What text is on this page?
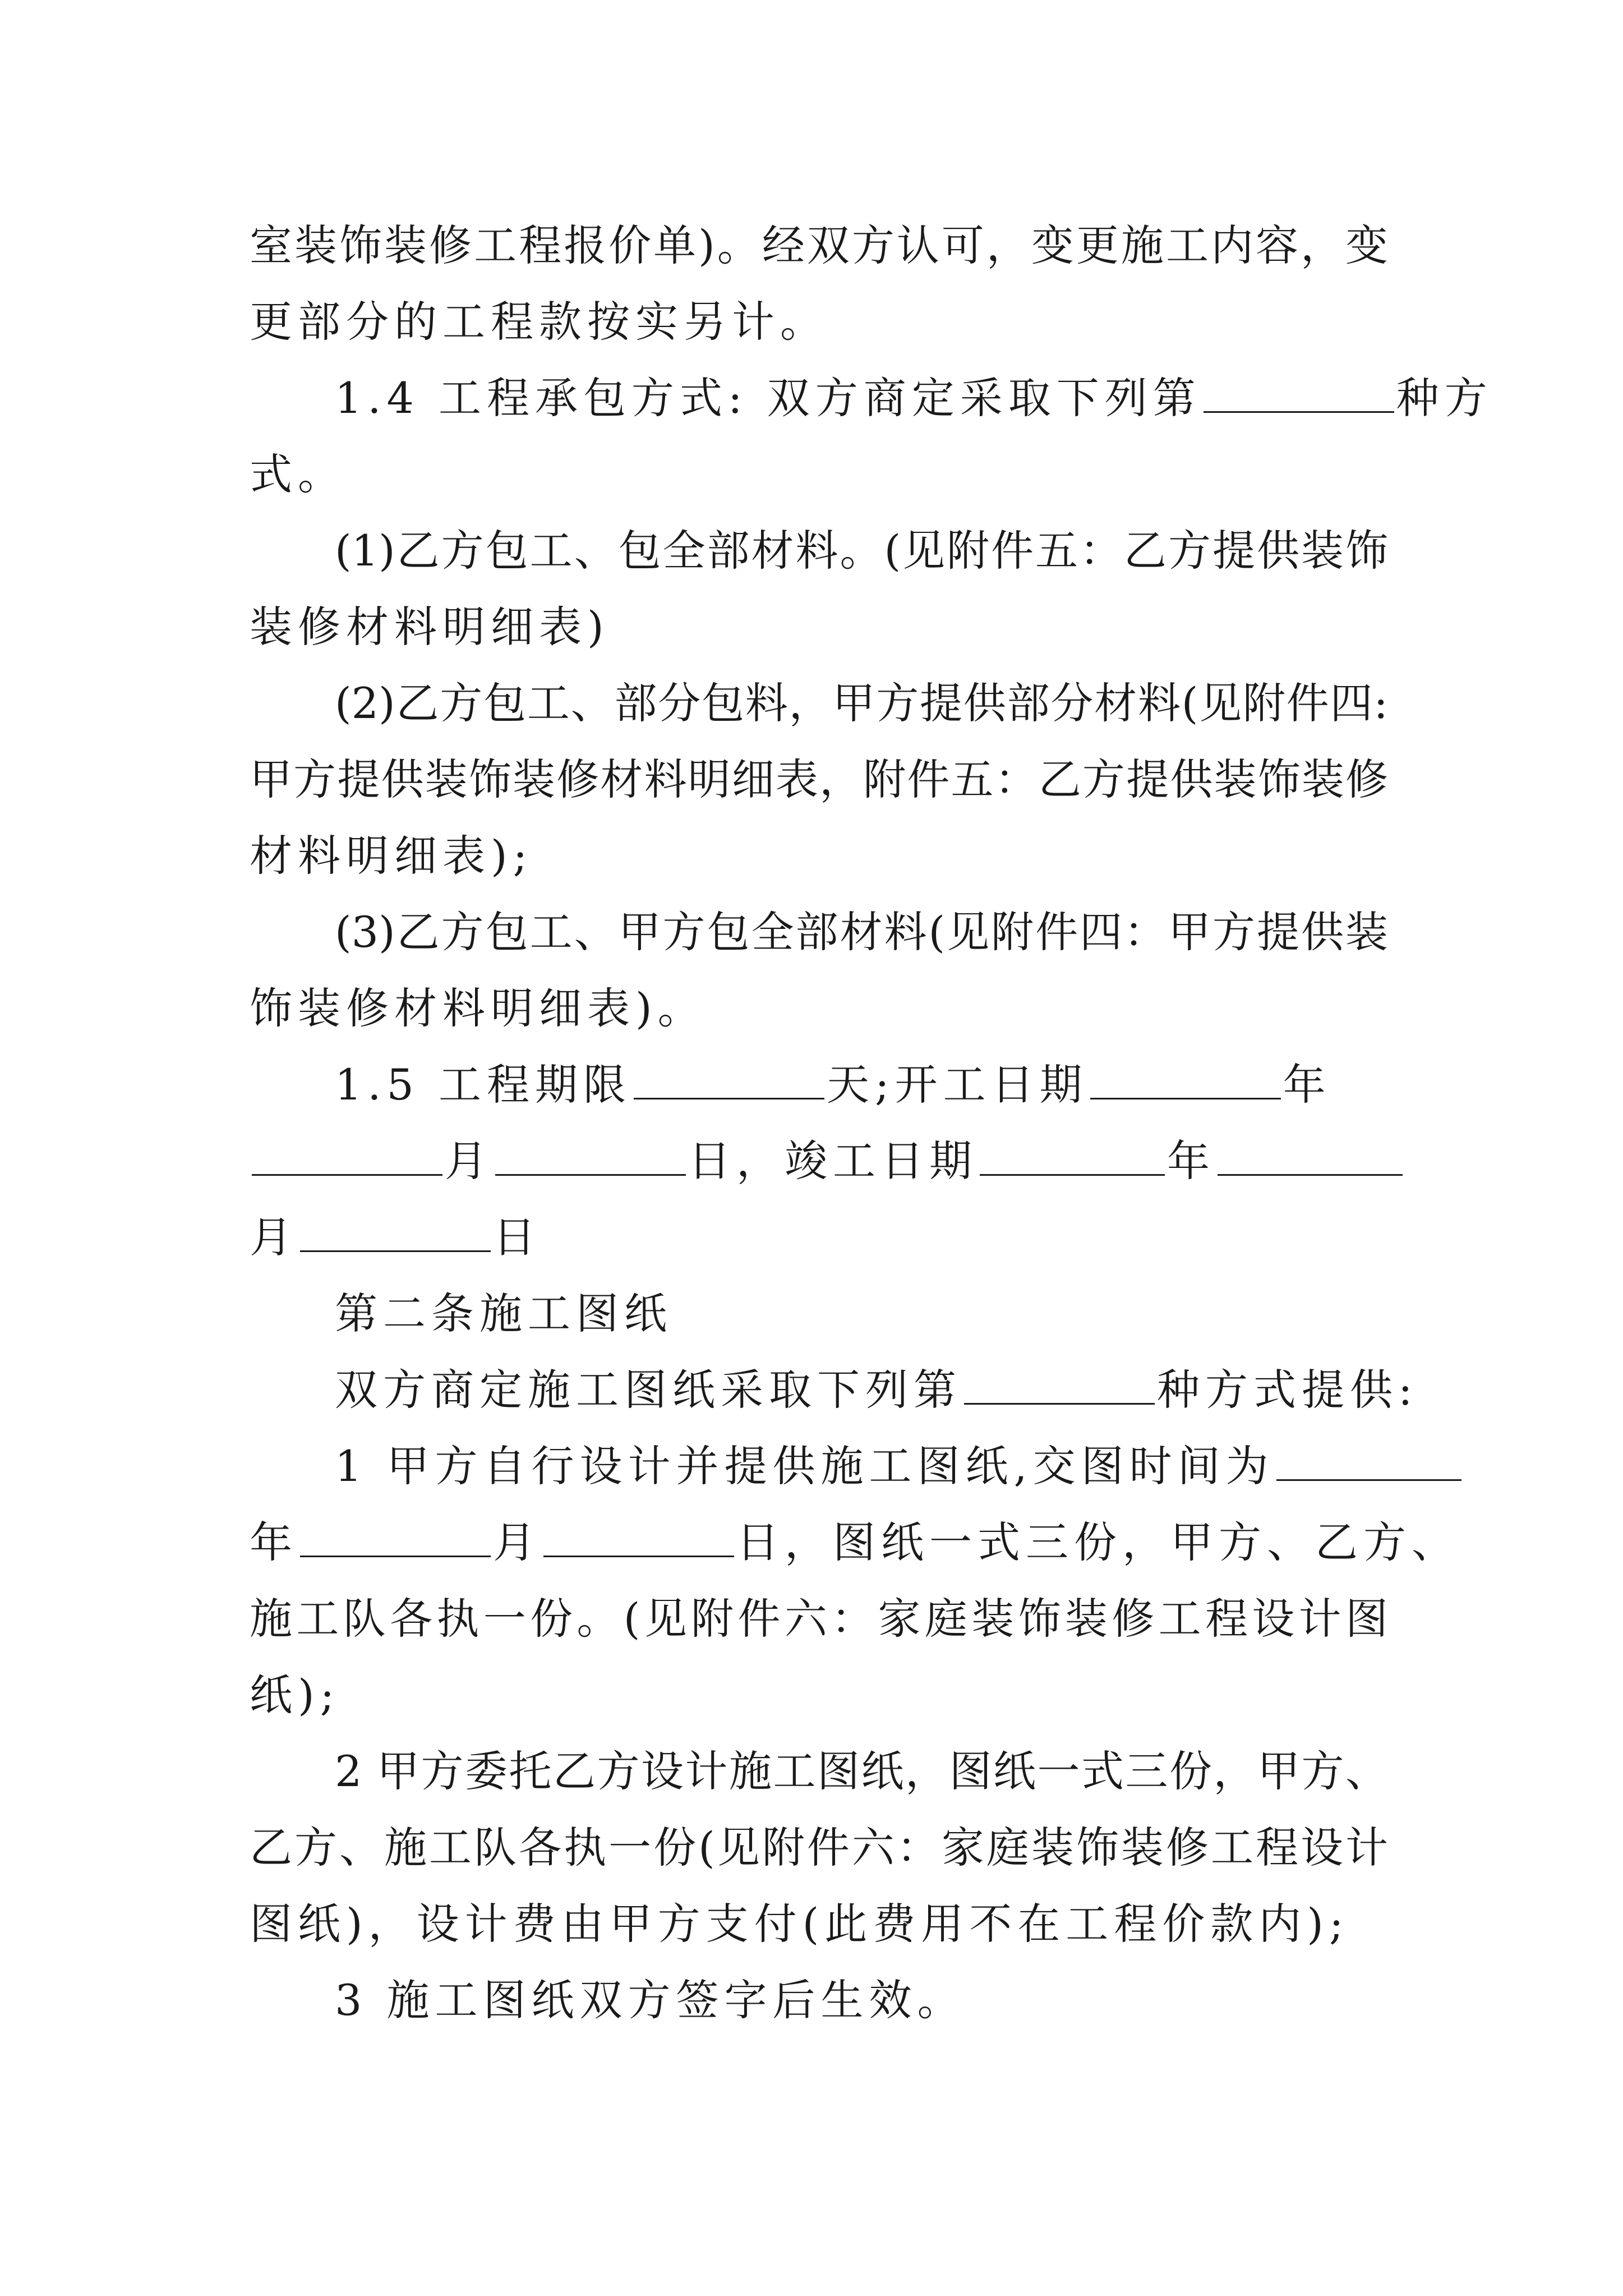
室装饰装修工程报价单)。经双方认可，变更施工内容，变
更部分的工程款按实另计。
1.4 工程承包方式: 双方商定采取下列第	种方
式。
(1)乙方包工、包全部材料。(见附件五：乙方提供装饰
装修材料明细表)
(2)乙方包工、部分包料，甲方提供部分材料(见附件四:
甲方提供装饰装修材料明细表，附件五：乙方提供装饰装修
材料明细表);
(3)乙方包工、甲方包全部材料(见附件四：甲方提供装
饰装修材料明细表)。
1.5 工程期限	天;开工日期	年
月	日，竣工日期	年
月	日
第二条施工图纸
双方商定施工图纸采取下列第	种方式提供:
1 甲方自行设计并提供施工图纸,交图时间为
年	月	日，图纸一式三份，甲方、乙方、
施工队各执一份。(见附件六：家庭装饰装修工程设计图
纸);
2 甲方委托乙方设计施工图纸，图纸一式三份，甲方、
乙方、施工队各执一份(见附件六：家庭装饰装修工程设计
图纸)，设计费由甲方支付(此费用不在工程价款内);
3 施工图纸双方签字后生效。
